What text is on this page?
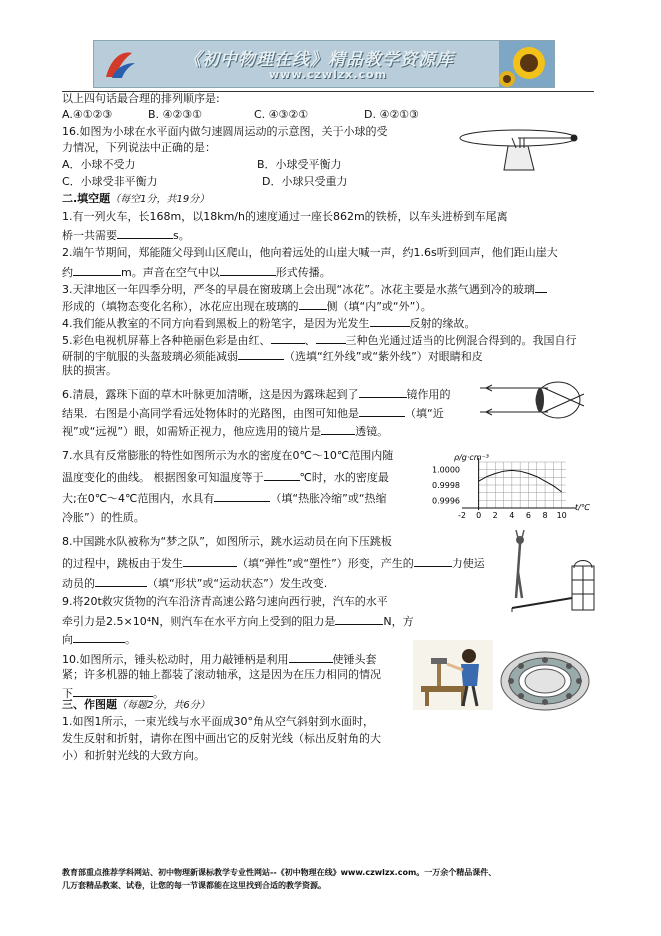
《初中物理在线》精品教学资源库
www.czwlzx.com
以上四句话最合理的排列顺序是:
A.④①②③	B. ④②③①	C. ④③②①	D. ④②①③
16.如图为小球在水平面内做匀速圆周运动的示意图，关于小球的受
力情况，下列说法中正确的是：
A．小球不受力	B．小球受平衡力
C．小球受非平衡力	D．小球只受重力
二.填空题（每空1分，共19分）
1.有一列火车，长168m，以18km/h的速度通过一座长862m的铁桥，以车头进桥到车尾离
桥一共需要	s。
2.端午节期间，郑能随父母到山区爬山，他向着远处的山崖大喊一声，约1.6s听到回声，他们距山崖大
约	m。声音在空气中以	形式传播。
3.天津地区一年四季分明，严冬的早晨在窗玻璃上会出现“冰花”。冰花主要是水蒸气遇到冷的玻璃
形成的（填物态变化名称），冰花应出现在玻璃的	侧（填“内”或“外”）。
4.我们能从教室的不同方向看到黑板上的粉笔字，是因为光发生	反射的缘故。
5.彩色电视机屏幕上各种艳丽色彩是由红、	、	三种色光通过适当的比例混合得到的。我国自行
研制的宇航服的头盔玻璃必须能减弱	（选填“红外线”或“紫外线”）对眼睛和皮
肤的损害。
6.清晨，露珠下面的草木叶脉更加清晰，这是因为露珠起到了	镜作用的
结果．右图是小高同学看远处物体时的光路图，由图可知他是	（填“近
视”或“远视”）眼，如需矫正视力，他应选用的镜片是	透镜。
7.水具有反常膨胀的特性如图所示为水的密度在0℃～10℃范围内随
温度变化的曲线。 根据图象可知温度等于	℃时，水的密度最
大;在0℃～4℃范围内，水具有	（填“热胀冷缩”或“热缩
冷胀”）的性质。	-2 0 2 4 6 8 10
1.0000
0.9998
0.9996
ρ/g·cm⁻³
t/℃
8.中国跳水队被称为“梦之队”，如图所示，跳水运动员在向下压跳板
的过程中，跳板由于发生	（填“弹性”或“塑性”）形变，产生的	力使运
动员的	（填“形状”或“运动状态”）发生改变.
9.将20t救灾货物的汽车沿济青高速公路匀速向西行驶，汽车的水平
牵引力是2.5×10⁴N，则汽车在水平方向上受到的阻力是	N，方
向	。
10.如图所示，锤头松动时，用力敲锤柄是利用	使锤头套
紧；许多机器的轴上都装了滚动轴承，这是因为在压力相同的情况
下	。
三、作图题（每题2分，共6分）
1.如图1所示，一束光线与水平面成30°角从空气斜射到水面时，
发生反射和折射，请你在图中画出它的反射光线（标出反射角的大
小）和折射光线的大致方向。
教育部重点推荐学科网站、初中物理新课标教学专业性网站--《初中物理在线》www.czwlzx.com。一万余个精品课件、
几万套精品教案、试卷，让您的每一节课都能在这里找到合适的教学资源。
